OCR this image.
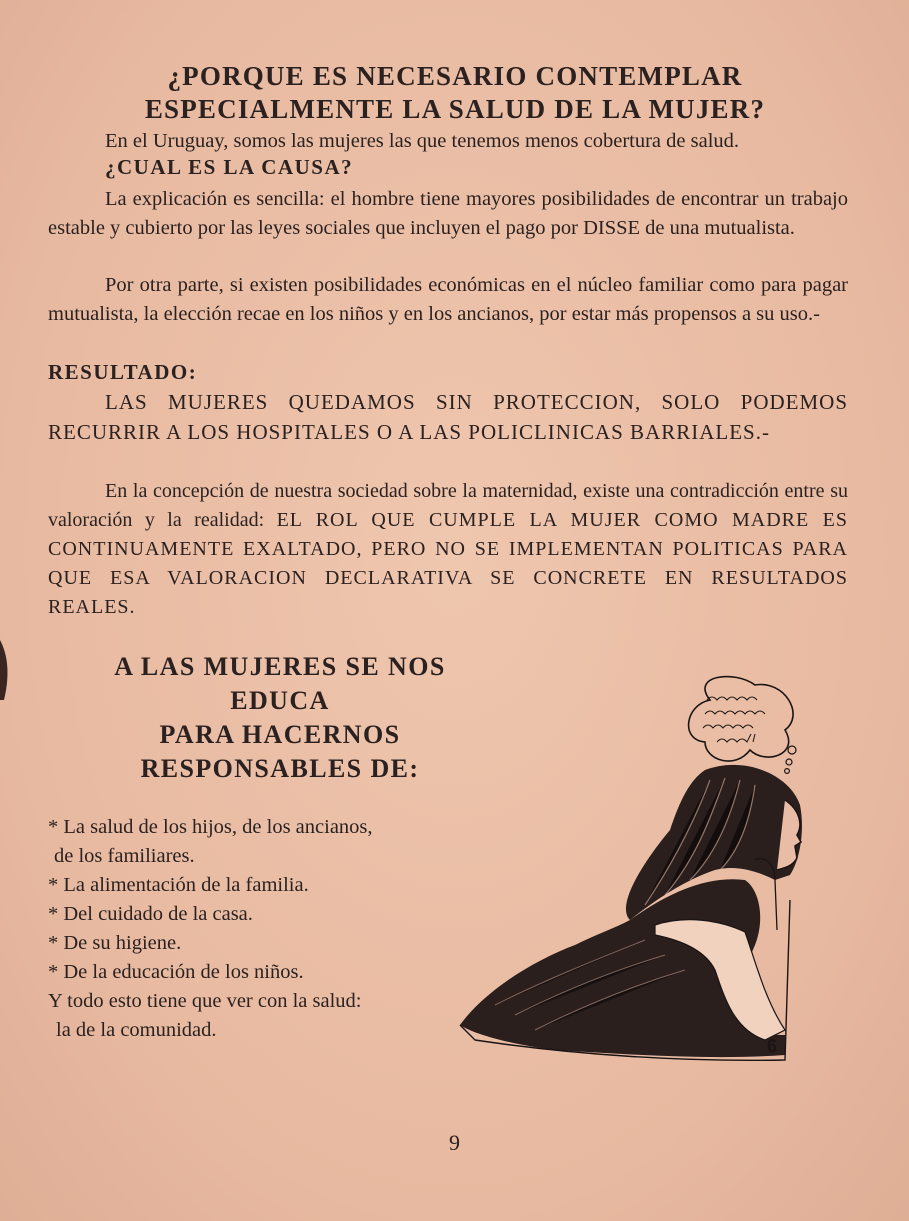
¿PORQUE ES NECESARIO CONTEMPLAR
ESPECIALMENTE LA SALUD DE LA MUJER?

En el Uruguay, somos las mujeres las que tenemos menos cobertura de salud.

¿CUAL ES LA CAUSA?

La explicación es sencilla: el hombre tiene mayores posibilidades de encontrar un trabajo estable y cubierto por las leyes sociales que incluyen el pago por DISSE de una mutualista.

Por otra parte, si existen posibilidades económicas en el núcleo familiar como para pagar mutualista, la elección recae en los niños y en los ancianos, por estar más propensos a su uso.-

RESULTADO:

LAS MUJERES QUEDAMOS SIN PROTECCION, SOLO PODEMOS

RECURRIR A LOS HOSPITALES O A LAS POLICLINICAS BARRIALES.-

En la concepción de nuestra sociedad sobre la maternidad, existe una contradicción entre su valoración y la realidad: EL ROL QUE CUMPLE LA MUJER COMO MADRE ES CONTINUAMENTE EXALTADO, PERO NO SE IMPLEMENTAN POLITICAS PARA QUE ESA VALORACION DECLARATIVA SE CONCRETE EN RESULTADOS REALES.

A LAS MUJERES SE NOS
EDUCA
PARA HACERNOS
RESPONSABLES DE:
* La salud de los hijos, de los ancianos,
de los familiares.
* La alimentación de la familia.
* Del cuidado de la casa.
* De su higiene.
* De la educación de los niños.
Y todo esto tiene que ver con la salud:
la de la comunidad.
6
9
